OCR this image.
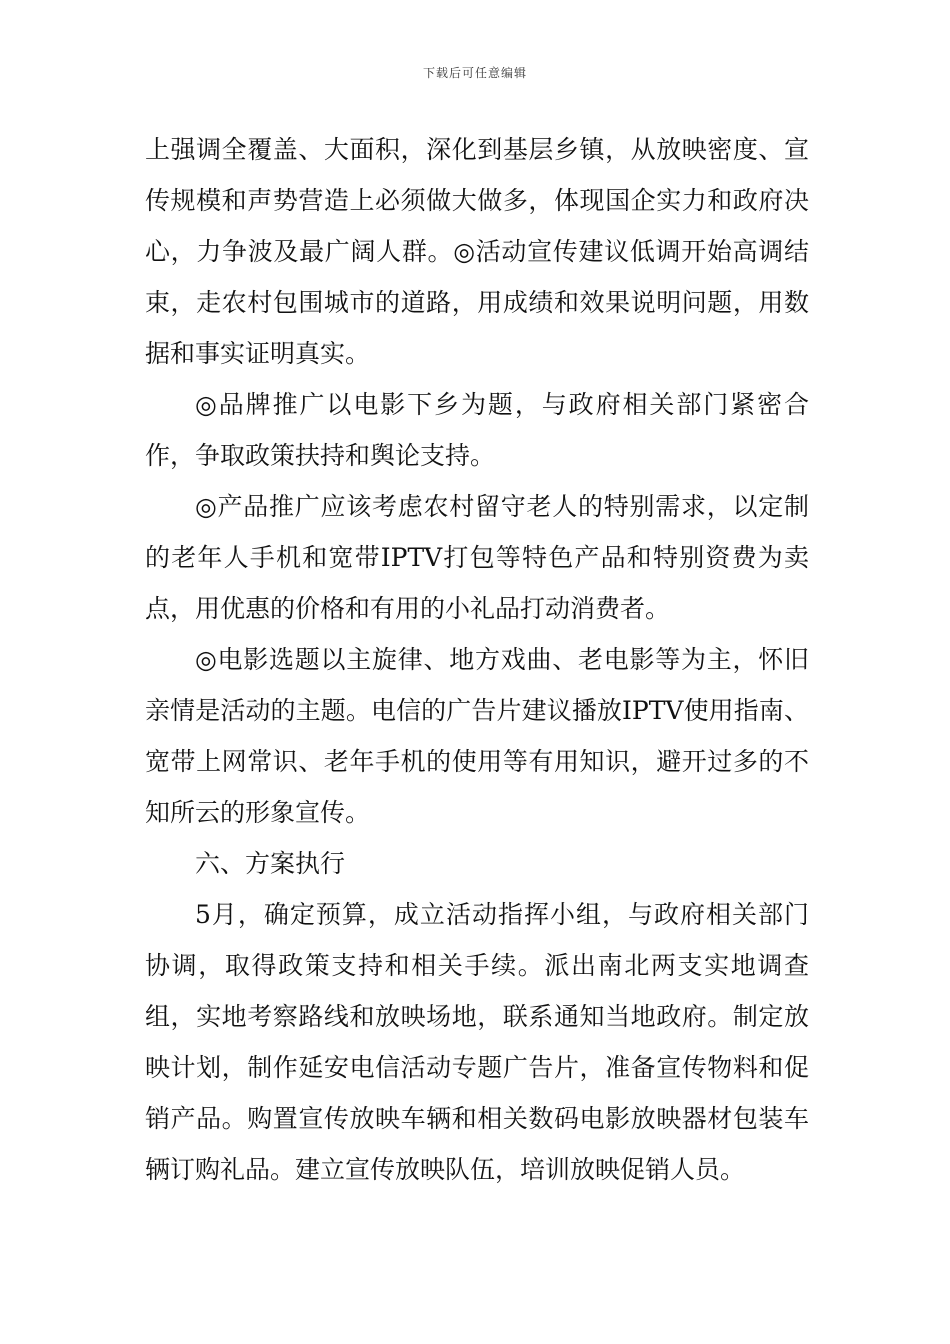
下载后可任意编辑

上强调全覆盖、大面积，深化到基层乡镇，从放映密度、宣传规模和声势营造上必须做大做多，体现国企实力和政府决心，力争波及最广阔人群。◎活动宣传建议低调开始高调结束，走农村包围城市的道路，用成绩和效果说明问题，用数据和事实证明真实。

◎品牌推广以电影下乡为题，与政府相关部门紧密合作，争取政策扶持和舆论支持。

◎产品推广应该考虑农村留守老人的特别需求，以定制的老年人手机和宽带IPTV打包等特色产品和特别资费为卖点，用优惠的价格和有用的小礼品打动消费者。

◎电影选题以主旋律、地方戏曲、老电影等为主，怀旧亲情是活动的主题。电信的广告片建议播放IPTV使用指南、宽带上网常识、老年手机的使用等有用知识，避开过多的不知所云的形象宣传。

六、方案执行

5月，确定预算，成立活动指挥小组，与政府相关部门协调，取得政策支持和相关手续。派出南北两支实地调查组，实地考察路线和放映场地，联系通知当地政府。制定放映计划，制作延安电信活动专题广告片，准备宣传物料和促销产品。购置宣传放映车辆和相关数码电影放映器材包装车辆订购礼品。建立宣传放映队伍，培训放映促销人员。
